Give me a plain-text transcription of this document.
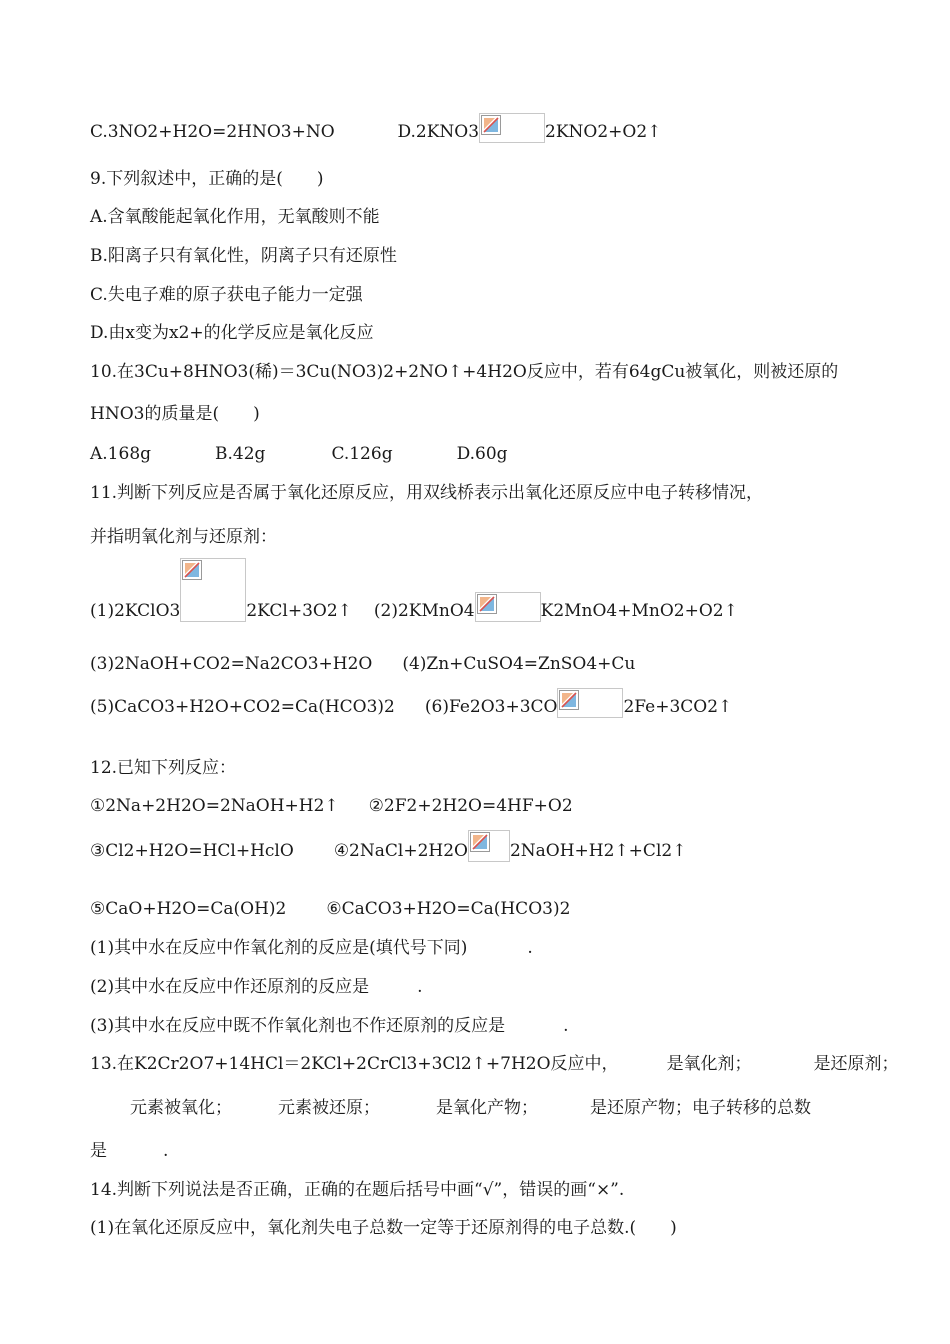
C.3NO2+H2O=2HNO3+NO	D.2KNO3	2KNO2+O2↑
9.下列叙述中，正确的是(　　)
A.含氧酸能起氧化作用，无氧酸则不能
B.阳离子只有氧化性，阴离子只有还原性
C.失电子难的原子获电子能力一定强
D.由x变为x2+的化学反应是氧化反应
10.在3Cu+8HNO3(稀)＝3Cu(NO3)2+2NO↑+4H2O反应中，若有64gCu被氧化，则被还原的
HNO3的质量是(　　)
A.168g	B.42g	C.126g	D.60g
11.判断下列反应是否属于氧化还原反应，用双线桥表示出氧化还原反应中电子转移情况，
并指明氧化剂与还原剂：
(1)2KClO3	2KCl+3O2↑ (2)2KMnO4	K2MnO4+MnO2+O2↑
(3)2NaOH+CO2=Na2CO3+H2O (4)Zn+CuSO4=ZnSO4+Cu
(5)CaCO3+H2O+CO2=Ca(HCO3)2 (6)Fe2O3+3CO	2Fe+3CO2↑
12.已知下列反应：
①2Na+2H2O=2NaOH+H2↑ ②2F2+2H2O=4HF+O2
③Cl2+H2O=HCl+HclO ④2NaCl+2H2O 2NaOH+H2↑+Cl2↑
⑤CaO+H2O=Ca(OH)2 ⑥CaCO3+H2O=Ca(HCO3)2
(1)其中水在反应中作氧化剂的反应是(填代号下同)	.
(2)其中水在反应中作还原剂的反应是	.
(3)其中水在反应中既不作氧化剂也不作还原剂的反应是	.
13.在K2Cr2O7+14HCl＝2KCl+2CrCl3+3Cl2↑+7H2O反应中，	是氧化剂；	是还原剂；
元素被氧化；	元素被还原；	是氧化产物；	是还原产物；电子转移的总数
是	.
14.判断下列说法是否正确，正确的在题后括号中画“√”，错误的画“×”.
(1)在氧化还原反应中，氧化剂失电子总数一定等于还原剂得的电子总数.(　　)
